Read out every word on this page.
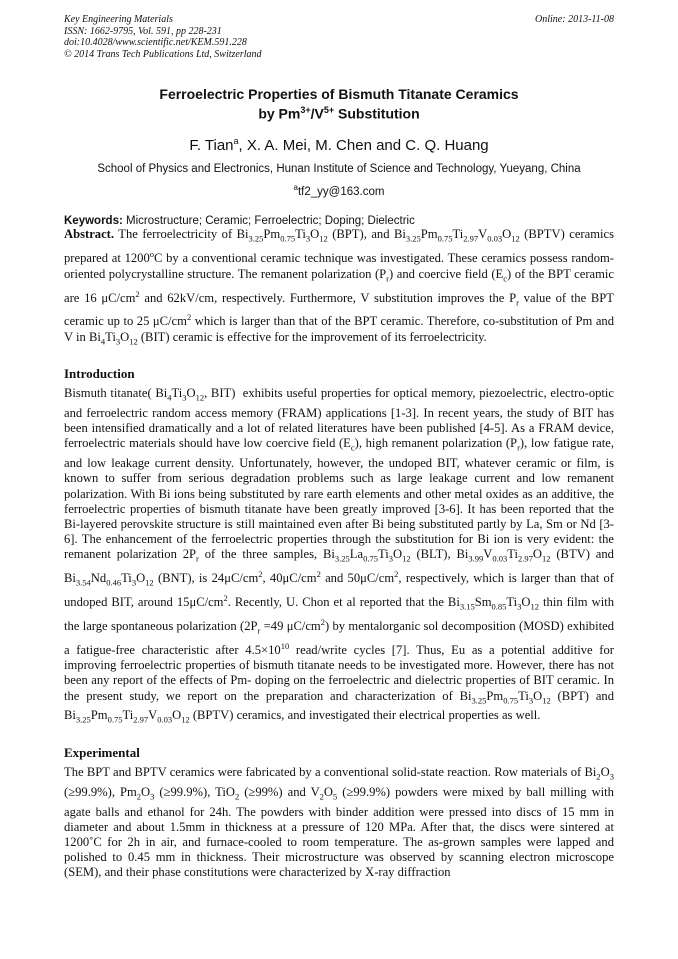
Key Engineering Materials
ISSN: 1662-9795, Vol. 591, pp 228-231
doi:10.4028/www.scientific.net/KEM.591.228
© 2014 Trans Tech Publications Ltd, Switzerland
Online: 2013-11-08
Ferroelectric Properties of Bismuth Titanate Ceramics
by $Pm^{3+}/V^{5+}$ Substitution
F. Tian$^a$, X. A. Mei, M. Chen and C. Q. Huang
School of Physics and Electronics, Hunan Institute of Science and Technology, Yueyang, China
$^a$tf2_yy@163.com
Keywords: Microstructure; Ceramic; Ferroelectric; Doping; Dielectric

Abstract. The ferroelectricity of $Bi_{3.25}Pm_{0.75}Ti_3O_{12}$ (BPT), and $Bi_{3.25}Pm_{0.75}Ti_{2.97}V_{0.03}O_{12}$ (BPTV) ceramics prepared at 1200$^o$C by a conventional ceramic technique was investigated. These ceramics possess random-oriented polycrystalline structure. The remanent polarization $(P_r)$ and coercive field $(E_c)$ of the BPT ceramic are 16 $\mu C/cm^2$ and 62kV/cm, respectively. Furthermore, V substitution improves the $P_r$ value of the BPT ceramic up to 25 $\mu C/cm^2$ which is larger than that of the BPT ceramic. Therefore, co-substitution of Pm and V in $Bi_4Ti_3O_{12}$ (BIT) ceramic is effective for the improvement of its ferroelectricity.

Introduction

Bismuth titanate( $Bi_4Ti_3O_{12}$, BIT)  exhibits useful properties for optical memory, piezoelectric, electro-optic and ferroelectric random access memory (FRAM) applications [1-3]. In recent years, the study of BIT has been intensified dramatically and a lot of related literatures have been published [4-5]. As a FRAM device, ferroelectric materials should have low coercive field $(E_c)$, high remanent polarization $(P_r)$, low fatigue rate, and low leakage current density. Unfortunately, however, the undoped BIT, whatever ceramic or film, is known to suffer from serious degradation problems such as large leakage current and low remanent polarization. With Bi ions being substituted by rare earth elements and other metal oxides as an additive, the ferroelectric properties of bismuth titanate have been greatly improved [3-6]. It has been reported that the Bi-layered perovskite structure is still maintained even after Bi being substituted partly by La, Sm or Nd [3-6]. The enhancement of the ferroelectric properties through the substitution for Bi ion is very evident: the remanent polarization $2P_r$ of the three samples, $Bi_{3.25}La_{0.75}Ti_3O_{12}$ (BLT), $Bi_{3.99}V_{0.03}Ti_{2.97}O_{12}$ (BTV) and $Bi_{3.54}Nd_{0.46}Ti_3O_{12}$ (BNT), is $24\mu C/cm^2$, $40\mu C/cm^2$ and $50\mu C/cm^2$, respectively, which is larger than that of undoped BIT, around $15\mu C/cm^2$. Recently, U. Chon et al reported that the $Bi_{3.15}Sm_{0.85}Ti_3O_{12}$ thin film with the large spontaneous polarization ($2P_r =49$ $\mu C/cm^2$) by mentalorganic sol decomposition (MOSD) exhibited a fatigue-free characteristic after $4.5\times 10^{10}$ read/write cycles [7]. Thus, Eu as a potential additive for improving ferroelectric properties of bismuth titanate needs to be investigated more. However, there has not been any report of the effects of Pm- doping on the ferroelectric and dielectric properties of BIT ceramic. In the present study, we report on the preparation and characterization of $Bi_{3.25}Pm_{0.75}Ti_3O_{12}$ (BPT) and $Bi_{3.25}Pm_{0.75}Ti_{2.97}V_{0.03}O_{12}$ (BPTV) ceramics, and investigated their electrical properties as well.

Experimental

The BPT and BPTV ceramics were fabricated by a conventional solid-state reaction. Row materials of $Bi_2O_3$ (≥99.9%), $Pm_2O_3$ (≥99.9%), TiO$_2$ (≥99%) and $V_2O_5$ (≥99.9%) powders were mixed by ball milling with agate balls and ethanol for 24h. The powders with binder addition were pressed into discs of 15 mm in diameter and about 1.5mm in thickness at a pressure of 120 MPa. After that, the discs were sintered at 1200˚C for 2h in air, and furnace-cooled to room temperature. The as-grown samples were lapped and polished to 0.45 mm in thickness. Their microstructure was observed by scanning electron microscope (SEM), and their phase constitutions were characterized by X-ray diffraction
